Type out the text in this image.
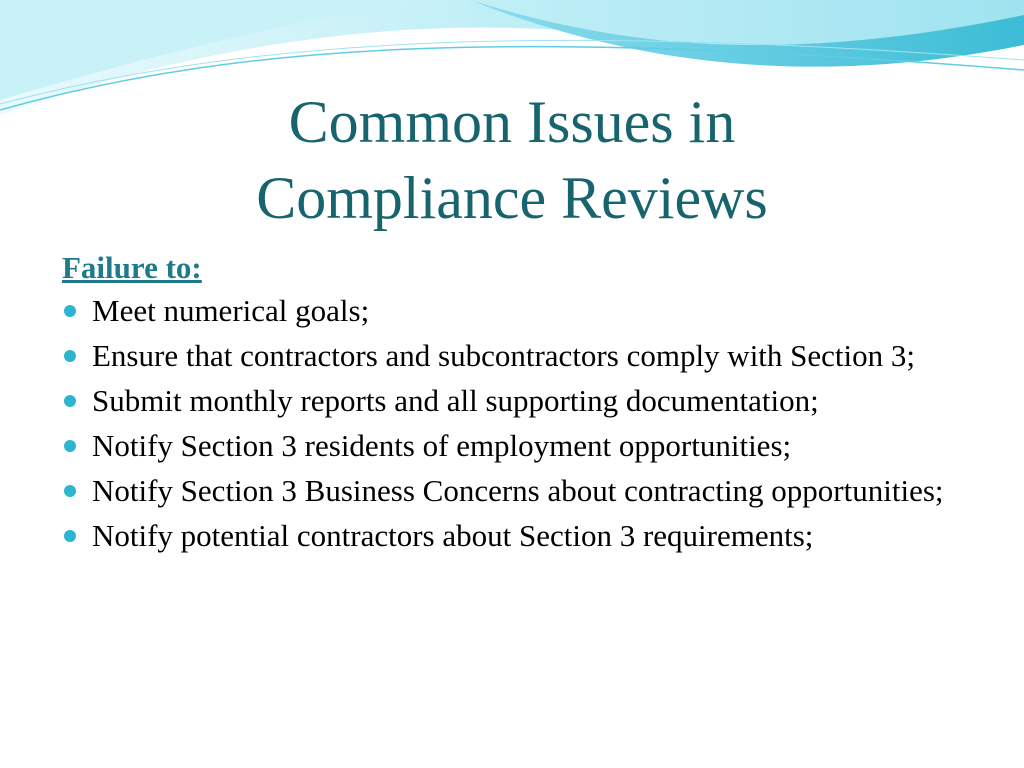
Common Issues in
Compliance Reviews

Failure to:

Meet numerical goals;
Ensure that contractors and subcontractors comply with Section 3;
Submit monthly reports and all supporting documentation;
Notify Section 3 residents of employment opportunities;
Notify Section 3 Business Concerns about contracting opportunities;
Notify potential contractors about Section 3 requirements;
